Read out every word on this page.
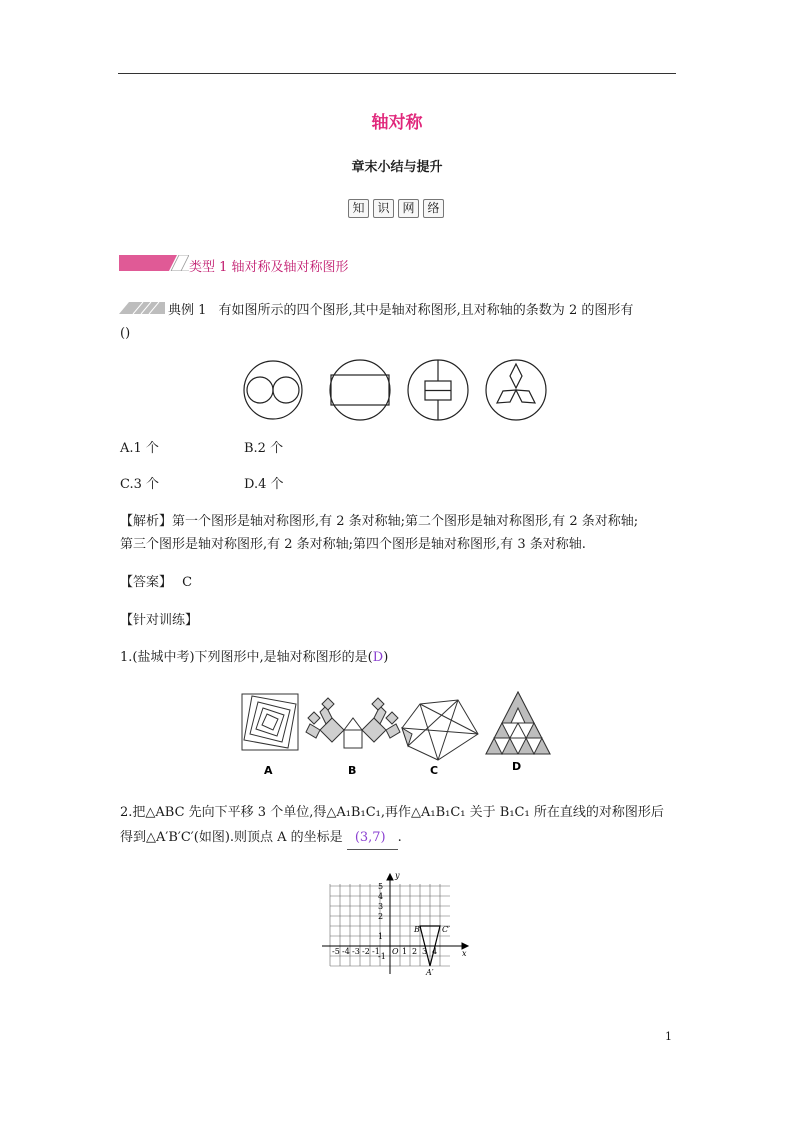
轴对称
章末小结与提升
知	识	网	络
类型 1 轴对称及轴对称图形
典例 1 有如图所示的四个图形,其中是轴对称图形,且对称轴的条数为 2 的图形有
()
A.1 个	B.2 个
C.3 个	D.4 个
【解析】第一个图形是轴对称图形,有 2 条对称轴;第二个图形是轴对称图形,有 2 条对称轴;
第三个图形是轴对称图形,有 2 条对称轴;第四个图形是轴对称图形,有 3 条对称轴.
【答案】 C
【针对训练】
1.(盐城中考)下列图形中,是轴对称图形的是(D)
A	B	C	D
2.把△ABC 先向下平移 3 个单位,得△A₁B₁C₁,再作△A₁B₁C₁ 关于 B₁C₁ 所在直线的对称图形后
得到△A′B′C′(如图).则顶点 A 的坐标是 (3,7) .
y
x
5
4
3
2
1
-1
-5 -4 -3 -2 -1 O 1 2 3 4
B′	C′
A′
1
